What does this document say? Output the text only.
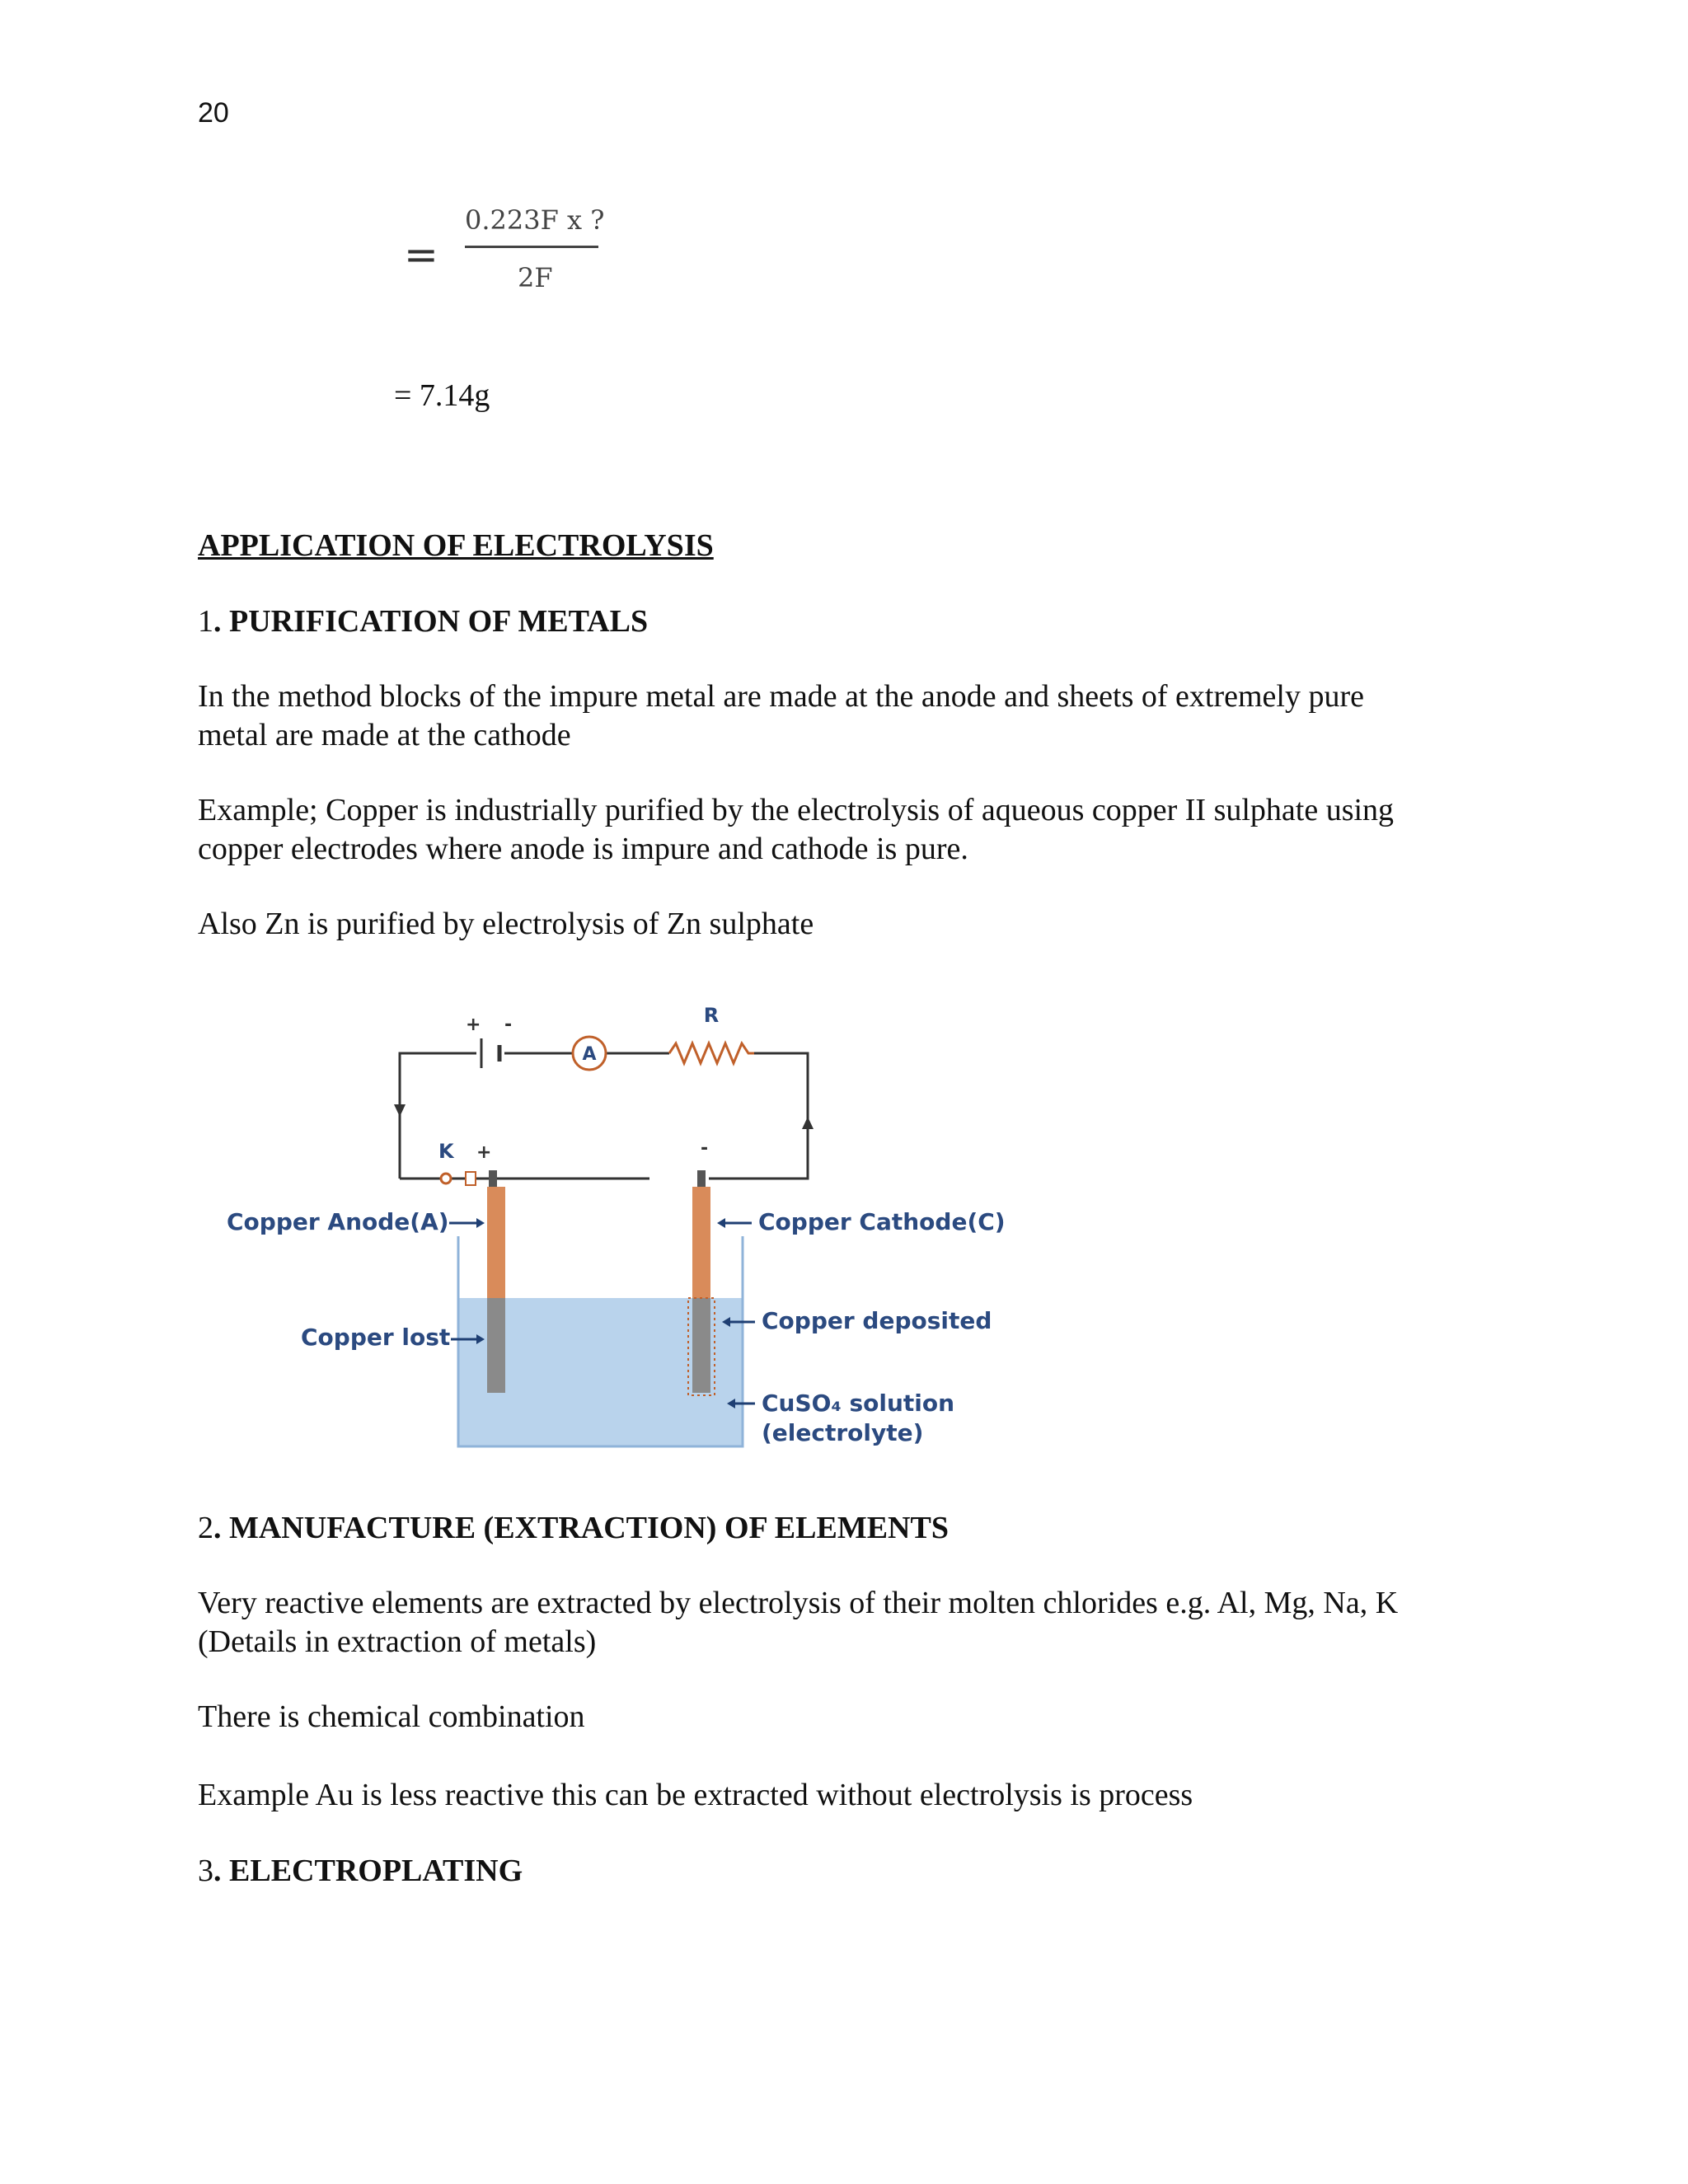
20
=
0.223F x ?
2F
= 7.14g
APPLICATION OF ELECTROLYSIS
1. PURIFICATION OF METALS
In the method blocks of the impure metal are made at the anode and sheets of extremely pure
metal are made at the cathode
Example; Copper is industrially purified by the electrolysis of aqueous copper II sulphate using
copper electrodes where anode is impure and cathode is pure.
Also Zn is purified by electrolysis of Zn sulphate
+ -
A
R
K +	-
Copper Anode(A)	Copper Cathode(C)
Copper lost
Copper deposited
CuSO₄ solution
(electrolyte)
2. MANUFACTURE (EXTRACTION) OF ELEMENTS
Very reactive elements are extracted by electrolysis of their molten chlorides e.g. Al, Mg, Na, K
(Details in extraction of metals)
There is chemical combination
Example Au is less reactive this can be extracted without electrolysis is process
3. ELECTROPLATING
